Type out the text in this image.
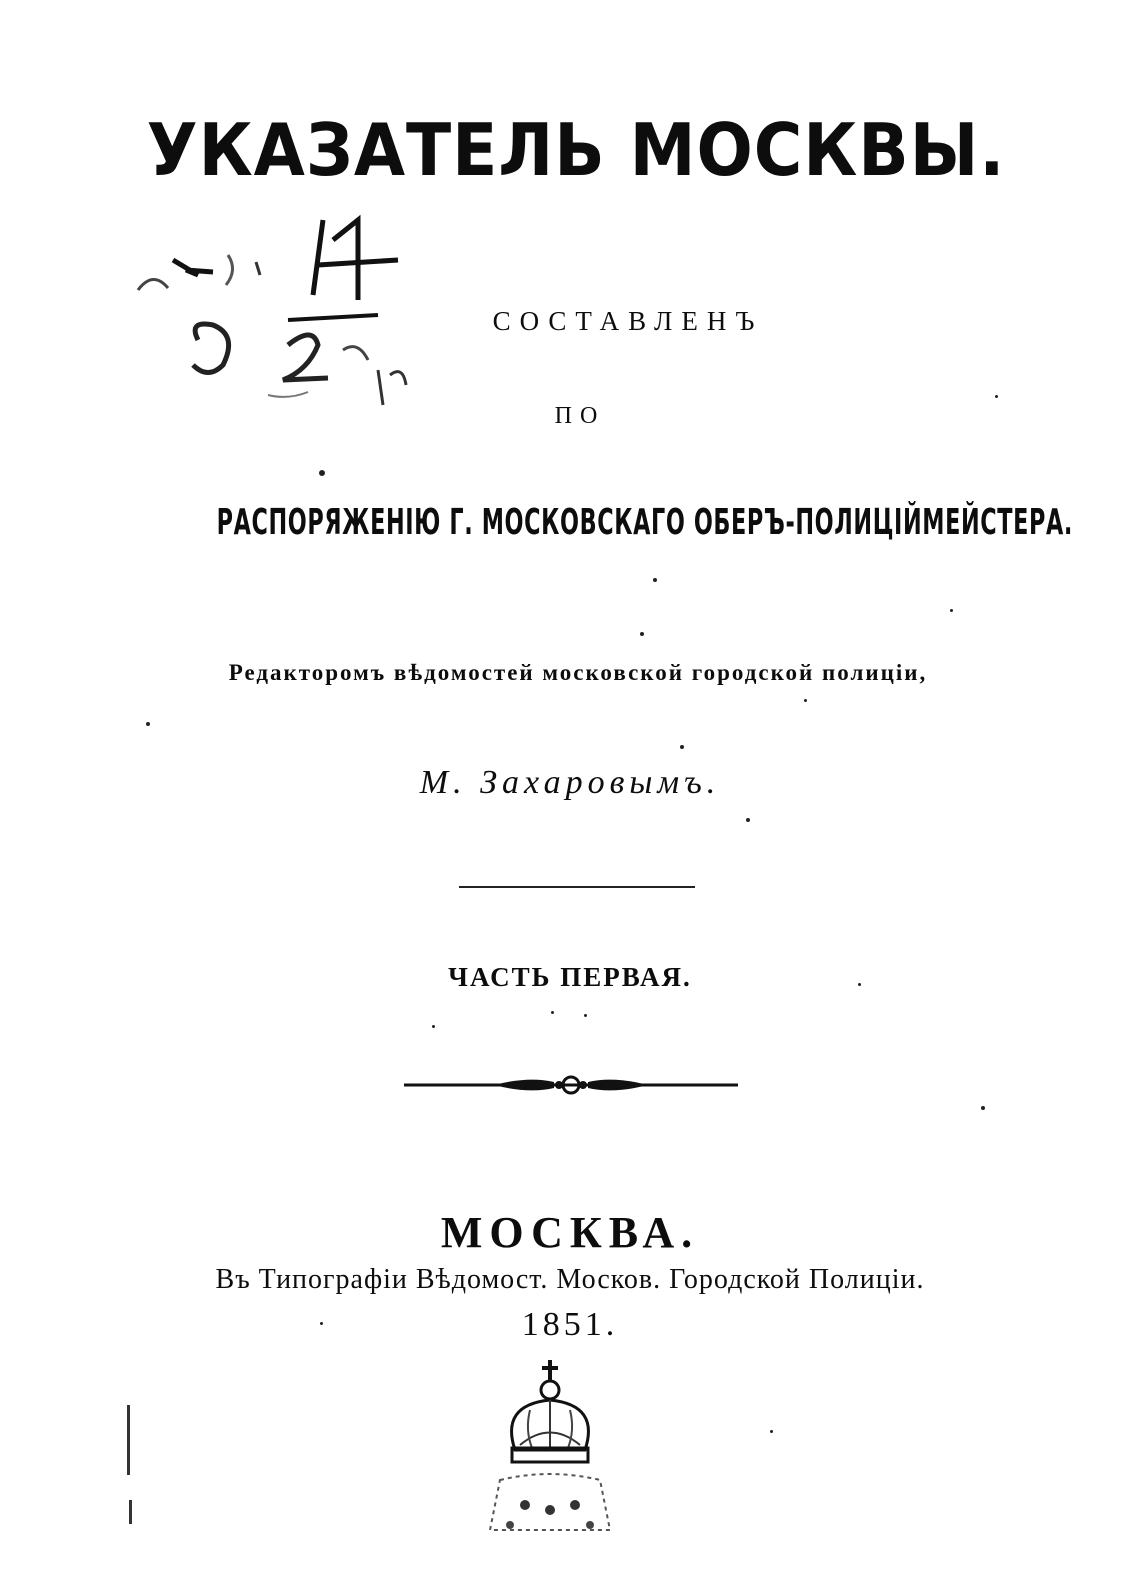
УКАЗАТЕЛЬ МОСКВЫ.
СОСТАВЛЕНЪ
ПО
РАСПОРЯЖЕНІЮ Г. МОСКОВСКАГО ОБЕРЪ-ПОЛИЦІЙМЕЙСТЕРА.
Редакторомъ вѣдомостей московской городской полиціи,
М. Захаровымъ.
ЧАСТЬ ПЕРВАЯ.
МОСКВА.
Въ Типографіи Вѣдомост. Москов. Городской Полиціи.
1851.
